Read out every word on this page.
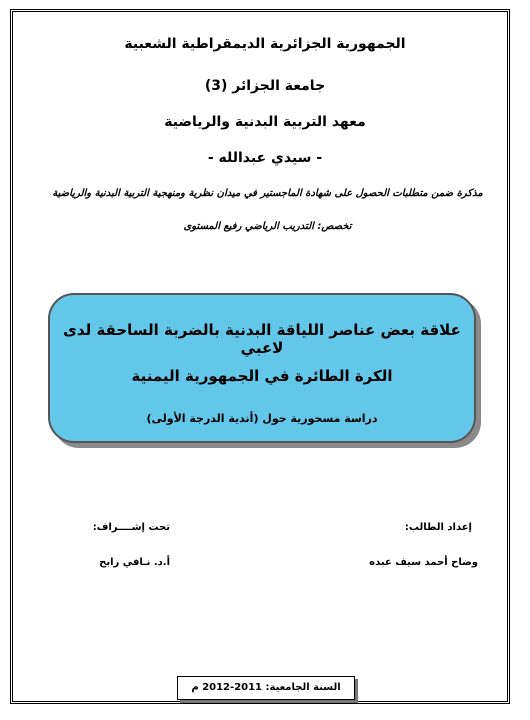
الجمهورية الجزائرية الديمقراطية الشعبية
جامعة الجزائر (3)
معهد التربية البدنية والرياضية
- سيدي عبدالله -
مذكرة ضمن متطلبات الحصول على شهادة الماجستير في ميدان نظرية ومنهجية التربية البدنية والرياضية
تخصص: التدريب الرياضي رفيع المستوى
علاقة بعض عناصر اللياقة البدنية بالضربة الساحقة لدى لاعبي
الكرة الطائرة في الجمهورية اليمنية
دراسة مسحورية حول (أندية الدرجة الأولى)
إعداد الطالب:
تحت إشــــراف:
وضاح أحمد سيف عبده
أ.د. نـافي رابح
السنة الجامعية: 2011-2012 م
